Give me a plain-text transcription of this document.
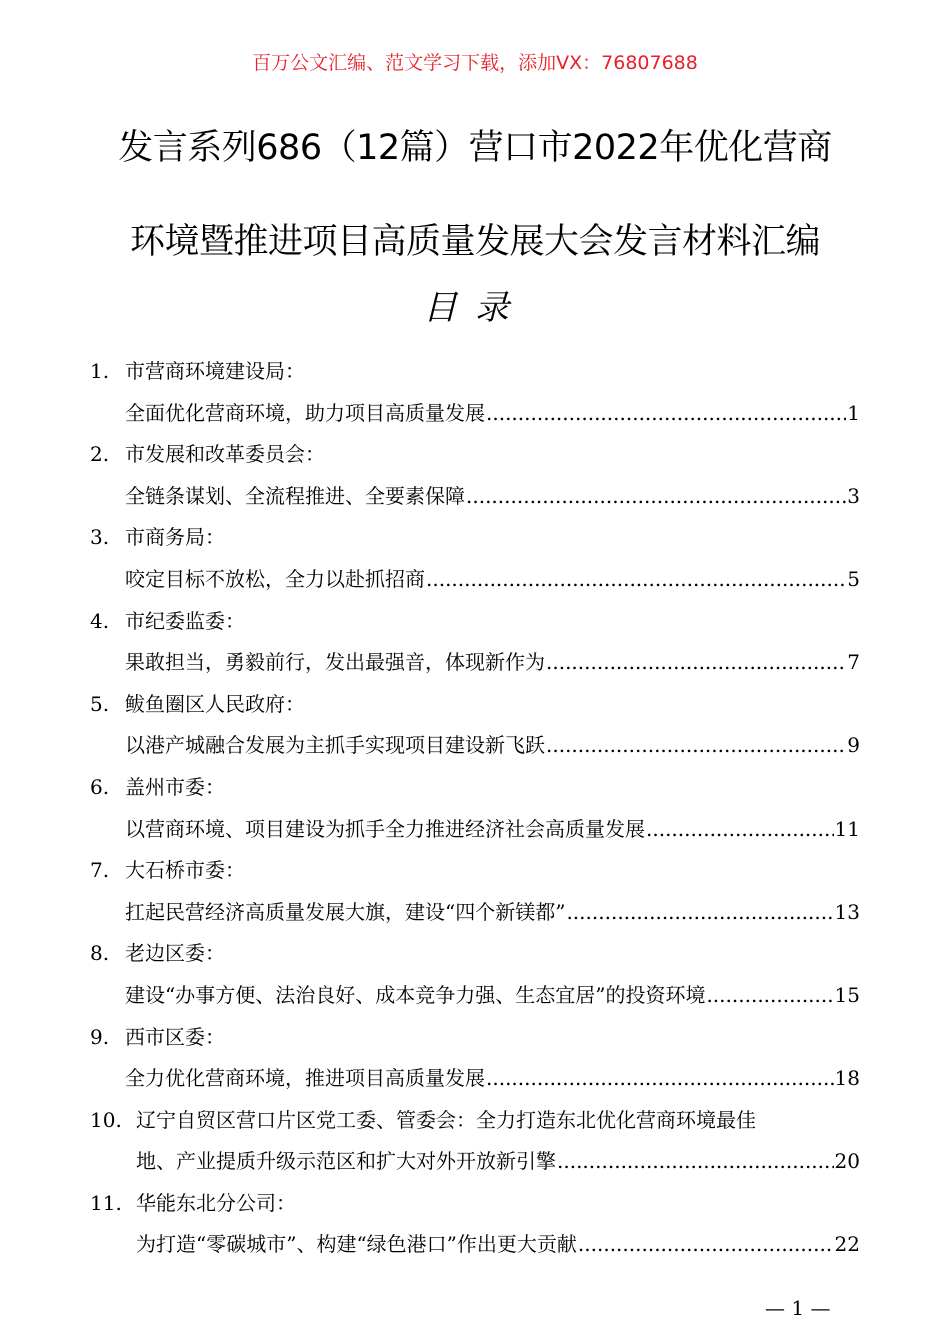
百万公文汇编、范文学习下载，添加VX：76807688
发言系列686（12篇）营口市2022年优化营商
环境暨推进项目高质量发展大会发言材料汇编
目录
1. 市营商环境建设局：
全面优化营商环境，助力项目高质量发展 .....	1
2. 市发展和改革委员会：
全链条谋划、全流程推进、全要素保障 .....	3
3. 市商务局：
咬定目标不放松，全力以赴抓招商 .....	5
4. 市纪委监委：
果敢担当，勇毅前行，发出最强音，体现新作为 .....	7
5. 鲅鱼圈区人民政府：
以港产城融合发展为主抓手实现项目建设新飞跃 .....	9
6. 盖州市委：
以营商环境、项目建设为抓手全力推进经济社会高质量发展 .....	11
7. 大石桥市委：
扛起民营经济高质量发展大旗，建设“四个新镁都” .....	13
8. 老边区委：
建设“办事方便、法治良好、成本竞争力强、生态宜居”的投资环境 .....	15
9. 西市区委：
全力优化营商环境，推进项目高质量发展 .....	18
10. 辽宁自贸区营口片区党工委、管委会：全力打造东北优化营商环境最佳
地、产业提质升级示范区和扩大对外开放新引擎 .....	20
11. 华能东北分公司：
为打造“零碳城市”、构建“绿色港口”作出更大贡献 .....	22
— 1 —
